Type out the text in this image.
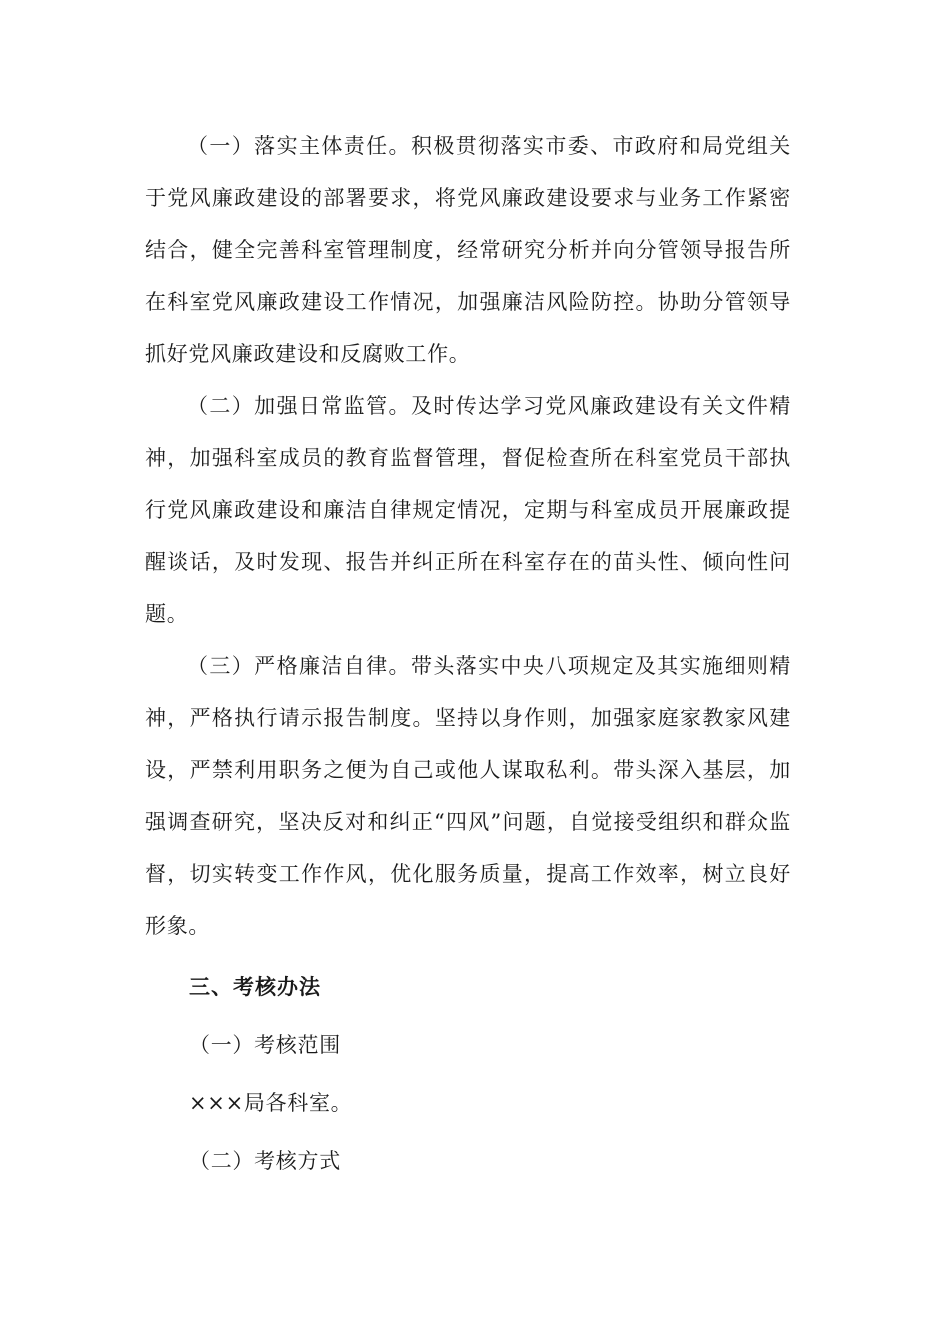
（一）落实主体责任。积极贯彻落实市委、市政府和局党组关于党风廉政建设的部署要求，将党风廉政建设要求与业务工作紧密结合，健全完善科室管理制度，经常研究分析并向分管领导报告所在科室党风廉政建设工作情况，加强廉洁风险防控。协助分管领导抓好党风廉政建设和反腐败工作。

（二）加强日常监管。及时传达学习党风廉政建设有关文件精神，加强科室成员的教育监督管理，督促检查所在科室党员干部执行党风廉政建设和廉洁自律规定情况，定期与科室成员开展廉政提醒谈话，及时发现、报告并纠正所在科室存在的苗头性、倾向性问题。

（三）严格廉洁自律。带头落实中央八项规定及其实施细则精神，严格执行请示报告制度。坚持以身作则，加强家庭家教家风建设，严禁利用职务之便为自己或他人谋取私利。带头深入基层，加强调查研究，坚决反对和纠正“四风”问题，自觉接受组织和群众监督，切实转变工作作风，优化服务质量，提高工作效率，树立良好形象。

三、考核办法

（一）考核范围

×××局各科室。

（二）考核方式
